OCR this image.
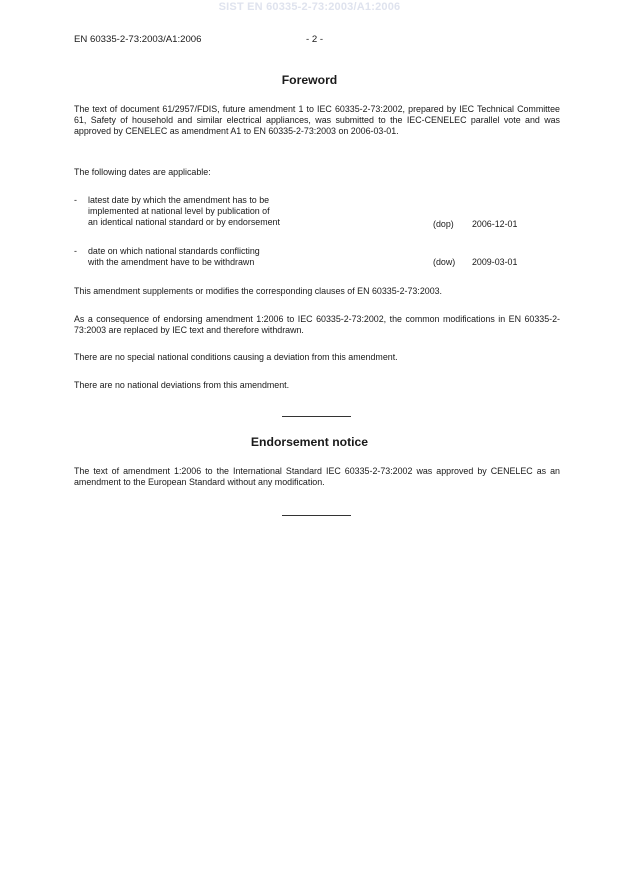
SIST EN 60335-2-73:2003/A1:2006
EN 60335-2-73:2003/A1:2006	- 2 -
Foreword
The text of document 61/2957/FDIS, future amendment 1 to IEC 60335-2-73:2002, prepared by IEC Technical Committee 61, Safety of household and similar electrical appliances, was submitted to the IEC-CENELEC parallel vote and was approved by CENELEC as amendment A1 to EN 60335-2-73:2003 on 2006-03-01.
The following dates are applicable:
- latest date by which the amendment has to be
implemented at national level by publication of
an identical national standard or by endorsement	(dop) 2006-12-01
- date on which national standards conflicting
with the amendment have to be withdrawn	(dow) 2009-03-01
This amendment supplements or modifies the corresponding clauses of EN 60335-2-73:2003.
As a consequence of endorsing amendment 1:2006 to IEC 60335-2-73:2002, the common modifications in EN 60335-2-73:2003 are replaced by IEC text and therefore withdrawn.
There are no special national conditions causing a deviation from this amendment.
There are no national deviations from this amendment.
Endorsement notice
The text of amendment 1:2006 to the International Standard IEC 60335-2-73:2002 was approved by CENELEC as an amendment to the European Standard without any modification.
